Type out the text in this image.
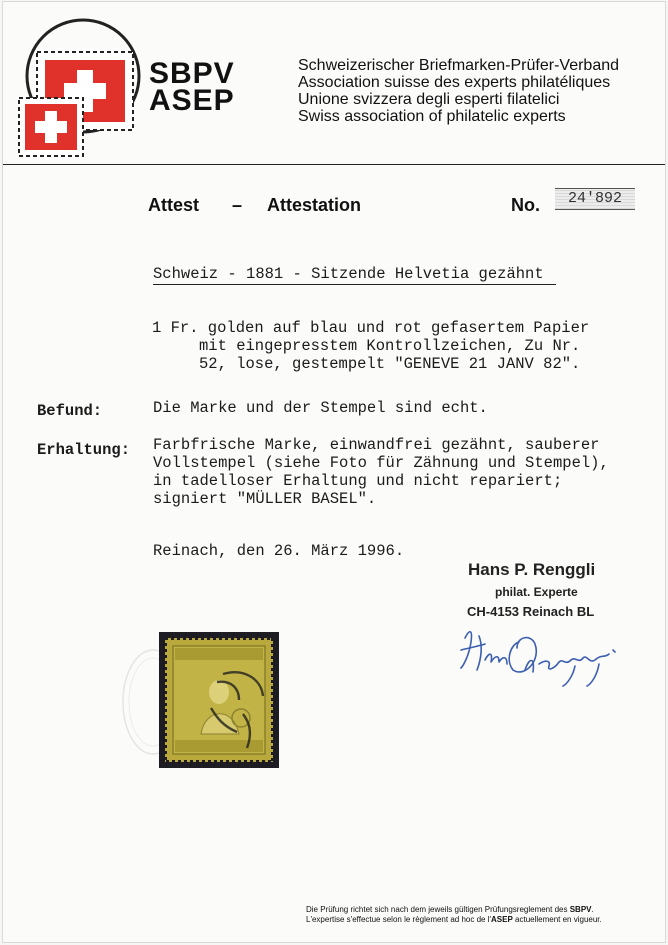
SBPV
ASEP
Schweizerischer Briefmarken-Prüfer-Verband
Association suisse des experts philatéliques
Unione svizzera degli esperti filatelici
Swiss association of philatelic experts
Attest – Attestation	No.	24'892
Schweiz - 1881 - Sitzende Helvetia gezähnt
1 Fr. golden auf blau und rot gefasertem Papier
mit eingepresstem Kontrollzeichen, Zu Nr.
52, lose, gestempelt "GENEVE 21 JANV 82".
Befund:	Die Marke und der Stempel sind echt.
Erhaltung: Farbfrische Marke, einwandfrei gezähnt, sauberer
Vollstempel (siehe Foto für Zähnung und Stempel),
in tadelloser Erhaltung und nicht repariert;
signiert "MÜLLER BASEL".
Reinach, den 26. März 1996.
Hans P. Renggli
philat. Experte
CH-4153 Reinach BL
Die Prüfung richtet sich nach dem jeweils gültigen Prüfungsreglement des SBPV.
L'expertise s'effectue selon le règlement ad hoc de l'ASEP actuellement en vigueur.
